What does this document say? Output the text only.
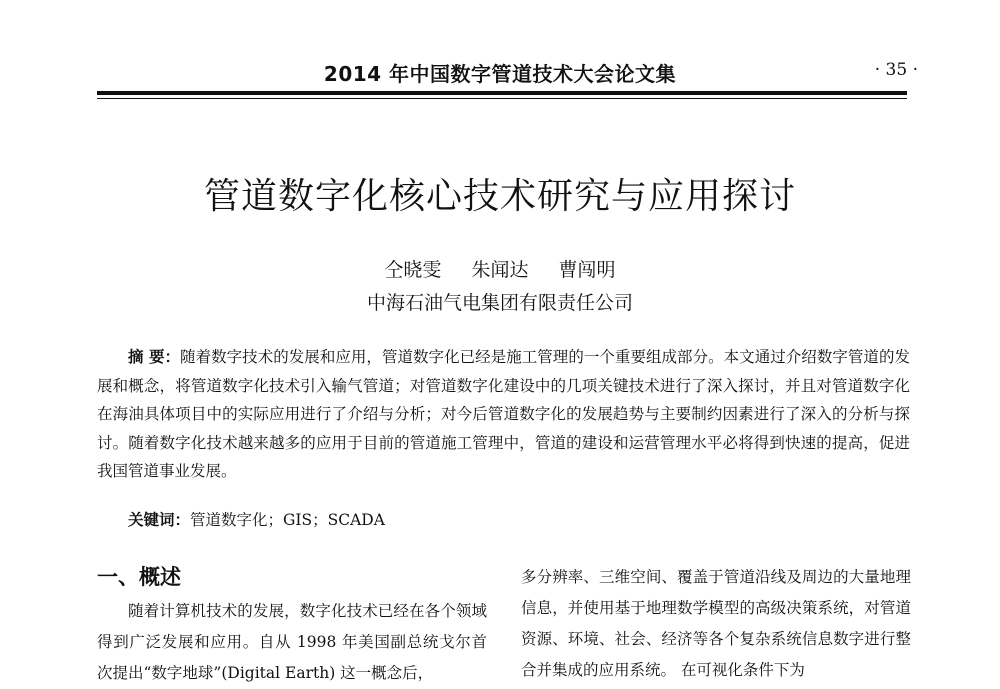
2014 年中国数字管道技术大会论文集	· 35 ·
管道数字化核心技术研究与应用探讨
仝晓雯 朱闻达 曹闯明
中海石油气电集团有限责任公司
摘 要：随着数字技术的发展和应用，管道数字化已经是施工管理的一个重要组成部分。本文通过介绍数字管道的发展和概念，将管道数字化技术引入输气管道；对管道数字化建设中的几项关键技术进行了深入探讨，并且对管道数字化在海油具体项目中的实际应用进行了介绍与分析；对今后管道数字化的发展趋势与主要制约因素进行了深入的分析与探讨。随着数字化技术越来越多的应用于目前的管道施工管理中，管道的建设和运营管理水平必将得到快速的提高，促进我国管道事业发展。
关键词：管道数字化；GIS；SCADA
一、概述

随着计算机技术的发展，数字化技术已经在各个领域得到广泛发展和应用。自从 1998 年美国副总统戈尔首次提出“数字地球”(Digital Earth) 这一概念后，

多分辨率、三维空间、覆盖于管道沿线及周边的大量地理信息，并使用基于地理数学模型的高级决策系统，对管道资源、环境、社会、经济等各个复杂系统信息数字进行整合并集成的应用系统。 在可视化条件下为
